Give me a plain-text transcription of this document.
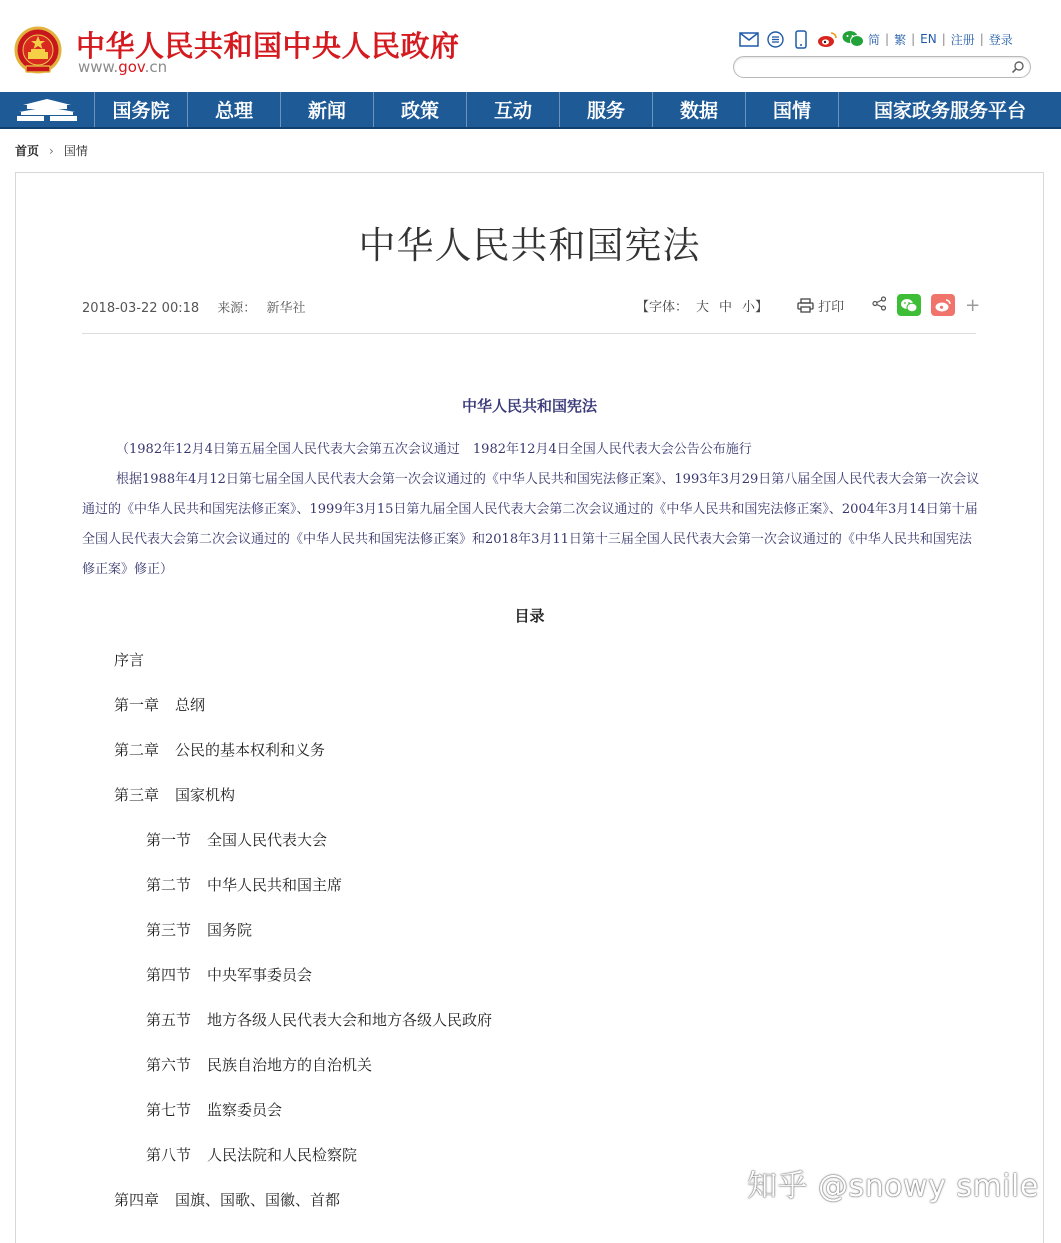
中华人民共和国中央人民政府
www.gov.cn
简 | 繁 | EN | 注册 | 登录
国务院	总理	新闻	政策	互动	服务	数据	国情	国家政务服务平台
首页 › 国情
中华人民共和国宪法
2018-03-22 00:18 来源： 新华社	【字体： 大 中 小】	打印	+
中华人民共和国宪法
（1982年12月4日第五届全国人民代表大会第五次会议通过　1982年12月4日全国人民代表大会公告公布施行
根据1988年4月12日第七届全国人民代表大会第一次会议通过的《中华人民共和国宪法修正案》、1993年3月29日第八届全国人民代表大会第一次会议通过的《中华人民共和国宪法修正案》、1999年3月15日第九届全国人民代表大会第二次会议通过的《中华人民共和国宪法修正案》、2004年3月14日第十届全国人民代表大会第二次会议通过的《中华人民共和国宪法修正案》和2018年3月11日第十三届全国人民代表大会第一次会议通过的《中华人民共和国宪法修正案》修正）
目录
序言
第一章 总纲
第二章 公民的基本权利和义务
第三章 国家机构
第一节 全国人民代表大会
第二节 中华人民共和国主席
第三节 国务院
第四节 中央军事委员会
第五节 地方各级人民代表大会和地方各级人民政府
第六节 民族自治地方的自治机关
第七节 监察委员会
第八节 人民法院和人民检察院
第四章 国旗、国歌、国徽、首都	知乎 @snowy smile
